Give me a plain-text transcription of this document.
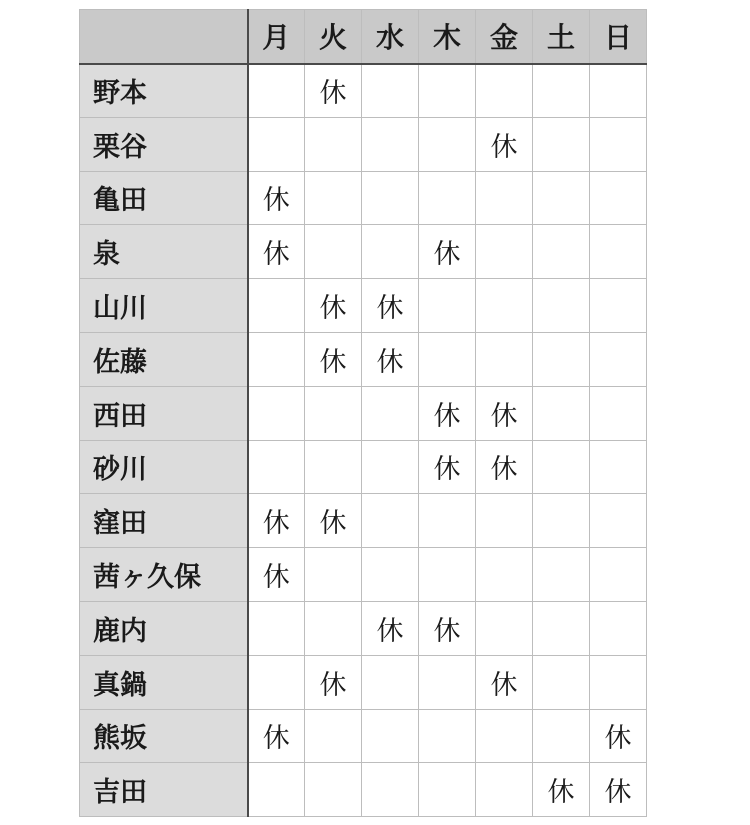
	月	火	水	木	金	土	日
野本		休					
栗谷					休		
亀田	休						
泉	休			休			
山川		休	休				
佐藤		休	休				
西田				休	休		
砂川				休	休		
窪田	休	休					
茜ヶ久保	休						
鹿内			休	休			
真鍋		休			休		
熊坂	休						休
吉田						休	休
